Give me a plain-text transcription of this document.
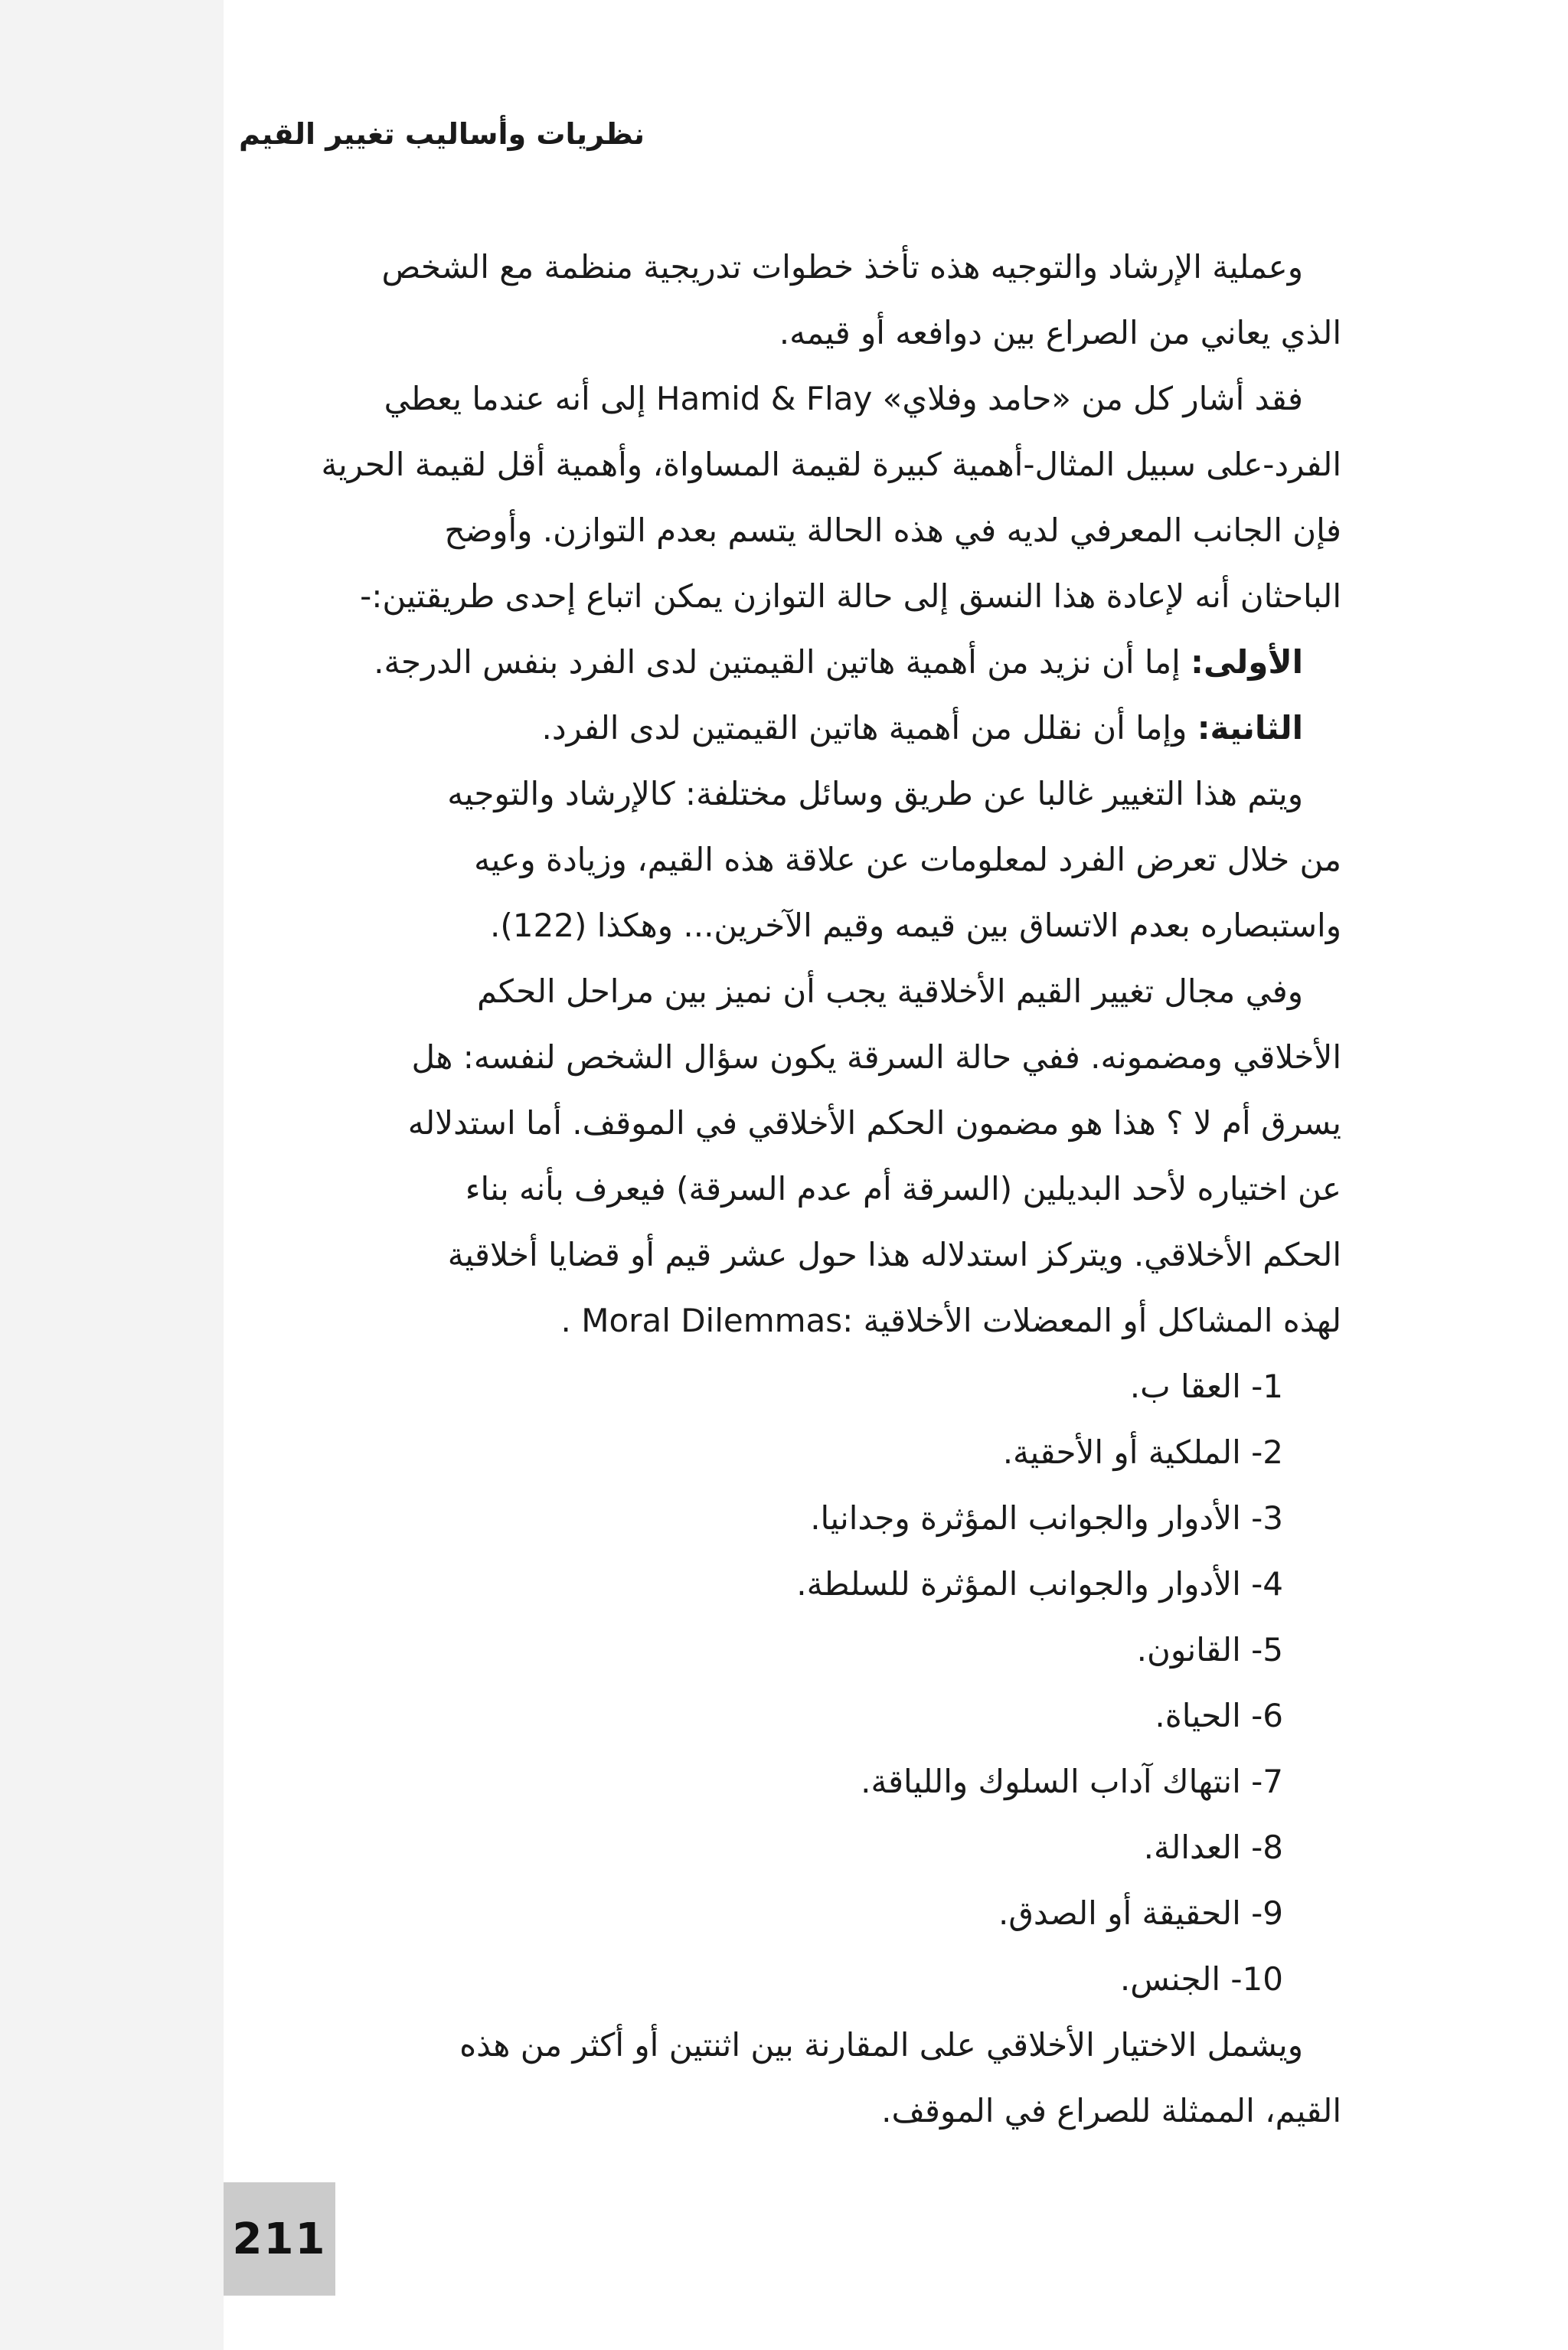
نظريات وأساليب تغيير القيم

وعملية الإرشاد والتوجيه هذه تأخذ خطوات تدريجية منظمة مع الشخص

الذي يعاني من الصراع بين دوافعه أو قيمه.

فقد أشار كل من «حامد وفلاي» Hamid & Flay إلى أنه عندما يعطي

الفرد-على سبيل المثال-أهمية كبيرة لقيمة المساواة، وأهمية أقل لقيمة الحرية

فإن الجانب المعرفي لديه في هذه الحالة يتسم بعدم التوازن. وأوضح

الباحثان أنه لإعادة هذا النسق إلى حالة التوازن يمكن اتباع إحدى طريقتين:-

الأولى: إما أن نزيد من أهمية هاتين القيمتين لدى الفرد بنفس الدرجة.

الثانية: وإما أن نقلل من أهمية هاتين القيمتين لدى الفرد.

ويتم هذا التغيير غالبا عن طريق وسائل مختلفة: كالإرشاد والتوجيه

من خلال تعرض الفرد لمعلومات عن علاقة هذه القيم، وزيادة وعيه

واستبصاره بعدم الاتساق بين قيمه وقيم الآخرين... وهكذا (122).

وفي مجال تغيير القيم الأخلاقية يجب أن نميز بين مراحل الحكم

الأخلاقي ومضمونه. ففي حالة السرقة يكون سؤال الشخص لنفسه: هل

يسرق أم لا ؟ هذا هو مضمون الحكم الأخلاقي في الموقف. أما استدلاله

عن اختياره لأحد البديلين (السرقة أم عدم السرقة) فيعرف بأنه بناء

الحكم الأخلاقي. ويتركز استدلاله هذا حول عشر قيم أو قضايا أخلاقية

لهذه المشاكل أو المعضلات الأخلاقية :Moral Dilemmas .

1- العقا ب.

2- الملكية أو الأحقية.

3- الأدوار والجوانب المؤثرة وجدانيا.

4- الأدوار والجوانب المؤثرة للسلطة.

5- القانون.

6- الحياة.

7- انتهاك آداب السلوك واللياقة.

8- العدالة.

9- الحقيقة أو الصدق.

10- الجنس.

ويشمل الاختيار الأخلاقي على المقارنة بين اثنتين أو أكثر من هذه

القيم، الممثلة للصراع في الموقف.

211
